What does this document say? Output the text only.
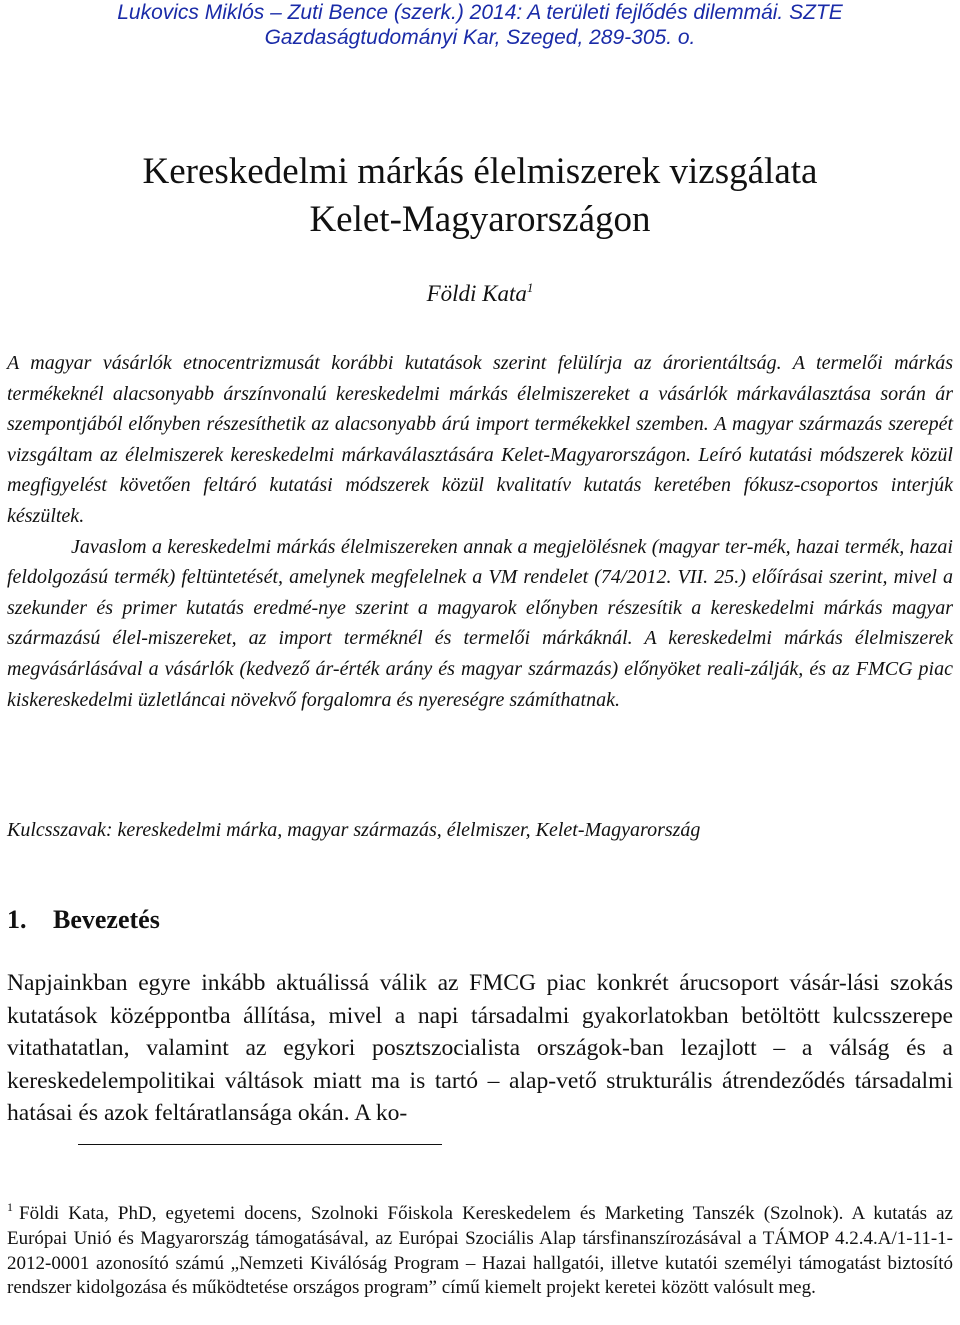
Lukovics Miklós – Zuti Bence (szerk.) 2014: A területi fejlődés dilemmái. SZTE
Gazdaságtudományi Kar, Szeged, 289-305. o.
Kereskedelmi márkás élelmiszerek vizsgálata
Kelet-Magyarországon
Földi Kata$^1$

A magyar vásárlók etnocentrizmusát korábbi kutatások szerint felülírja az árorientáltság. A termelői márkás termékeknél alacsonyabb árszínvonalú kereskedelmi márkás élelmiszereket a vásárlók márkaválasztása során ár szempontjából előnyben részesíthetik az alacsonyabb árú import termékekkel szemben. A magyar származás szerepét vizsgáltam az élelmiszerek kereskedelmi márkaválasztására Kelet-Magyarországon. Leíró kutatási módszerek közül megfigyelést követően feltáró kutatási módszerek közül kvalitatív kutatás keretében fókusz-csoportos interjúk készültek.

Javaslom a kereskedelmi márkás élelmiszereken annak a megjelölésnek (magyar ter-mék, hazai termék, hazai feldolgozású termék) feltüntetését, amelynek megfelelnek a VM rendelet (74/2012. VII. 25.) előírásai szerint, mivel a szekunder és primer kutatás eredmé-nye szerint a magyarok előnyben részesítik a kereskedelmi márkás magyar származású élel-miszereket, az import terméknél és termelői márkáknál. A kereskedelmi márkás élelmiszerek megvásárlásával a vásárlók (kedvező ár-érték arány és magyar származás) előnyöket reali-zálják, és az FMCG piac kiskereskedelmi üzletláncai növekvő forgalomra és nyereségre számíthatnak.

Kulcsszavak: kereskedelmi márka, magyar származás, élelmiszer, Kelet-Magyarország
1. Bevezetés

Napjainkban egyre inkább aktuálissá válik az FMCG piac konkrét árucsoport vásár-lási szokás kutatások középpontba állítása, mivel a napi társadalmi gyakorlatokban betöltött kulcsszerepe vitathatatlan, valamint az egykori posztszocialista országok-ban lezajlott – a válság és a kereskedelempolitikai váltások miatt ma is tartó – alap-vető strukturális átrendeződés társadalmi hatásai és azok feltáratlansága okán. A ko-

$^1$ Földi Kata, PhD, egyetemi docens, Szolnoki Főiskola Kereskedelem és Marketing Tanszék (Szolnok). A kutatás az Európai Unió és Magyarország támogatásával, az Európai Szociális Alap társfinanszírozásával a TÁMOP 4.2.4.A/1-11-1-2012-0001 azonosító számú „Nemzeti Kiválóság Program – Hazai hallgatói, illetve kutatói személyi támogatást biztosító rendszer kidolgozása és működtetése országos program” című kiemelt projekt keretei között valósult meg.
